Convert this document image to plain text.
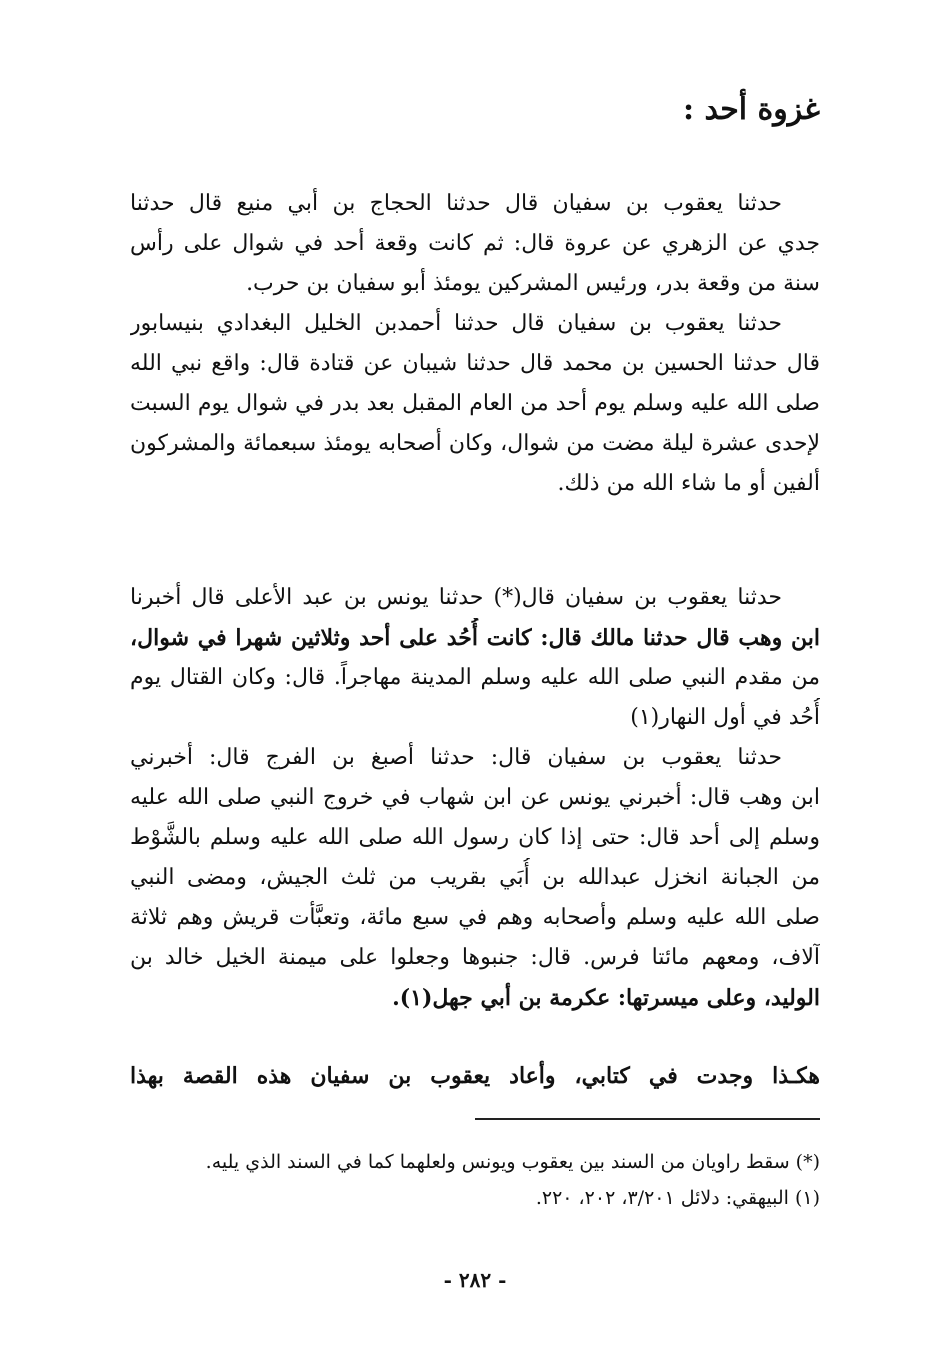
غزوة أحد :
حدثنا يعقوب بن سفيان قال حدثنا الحجاج بن أبي منيع قال حدثنا
جدي عن الزهري عن عروة قال: ثم كانت وقعة أحد في شوال على رأس
سنة من وقعة بدر، ورئيس المشركين يومئذ أبو سفيان بن حرب.
حدثنا يعقوب بن سفيان قال حدثنا أحمدبن الخليل البغدادي بنيسابور
قال حدثنا الحسين بن محمد قال حدثنا شيبان عن قتادة قال: واقع نبي الله
صلى الله عليه وسلم يوم أحد من العام المقبل بعد بدر في شوال يوم السبت
لإحدى عشرة ليلة مضت من شوال، وكان أصحابه يومئذ سبعمائة والمشركون
ألفين أو ما شاء الله من ذلك.
حدثنا يعقوب بن سفيان قال(*) حدثنا يونس بن عبد الأعلى قال أخبرنا
ابن وهب قال حدثنا مالك قال: كانت أُحُد على أحد وثلاثين شهرا في شوال،
من مقدم النبي صلى الله عليه وسلم المدينة مهاجراً. قال: وكان القتال يوم
أُحُد في أول النهار(١)
حدثنا يعقوب بن سفيان قال: حدثنا أصبغ بن الفرج قال: أخبرني
ابن وهب قال: أخبرني يونس عن ابن شهاب في خروج النبي صلى الله عليه
وسلم إلى أحد قال: حتى إذا كان رسول الله صلى الله عليه وسلم بالشَّوْط
من الجبانة انخزل عبدالله بن أُبَي بقريب من ثلث الجيش، ومضى النبي
صلى الله عليه وسلم وأصحابه وهم في سبع مائة، وتعبَّأت قريش وهم ثلاثة
آلاف، ومعهم مائتا فرس. قال: جنبوها وجعلوا على ميمنة الخيل خالد بن
الوليد، وعلى ميسرتها: عكرمة بن أبي جهل(١).
هكـذا وجدت في كتابي، وأعاد يعقوب بن سفيان هذه القصة بهذا
(*) سقط راويان من السند بين يعقوب ويونس ولعلهما كما في السند الذي يليه.
(١) البيهقي: دلائل ٣/٢٠١، ٢٠٢، ٢٢٠.
- ٢٨٢ -
